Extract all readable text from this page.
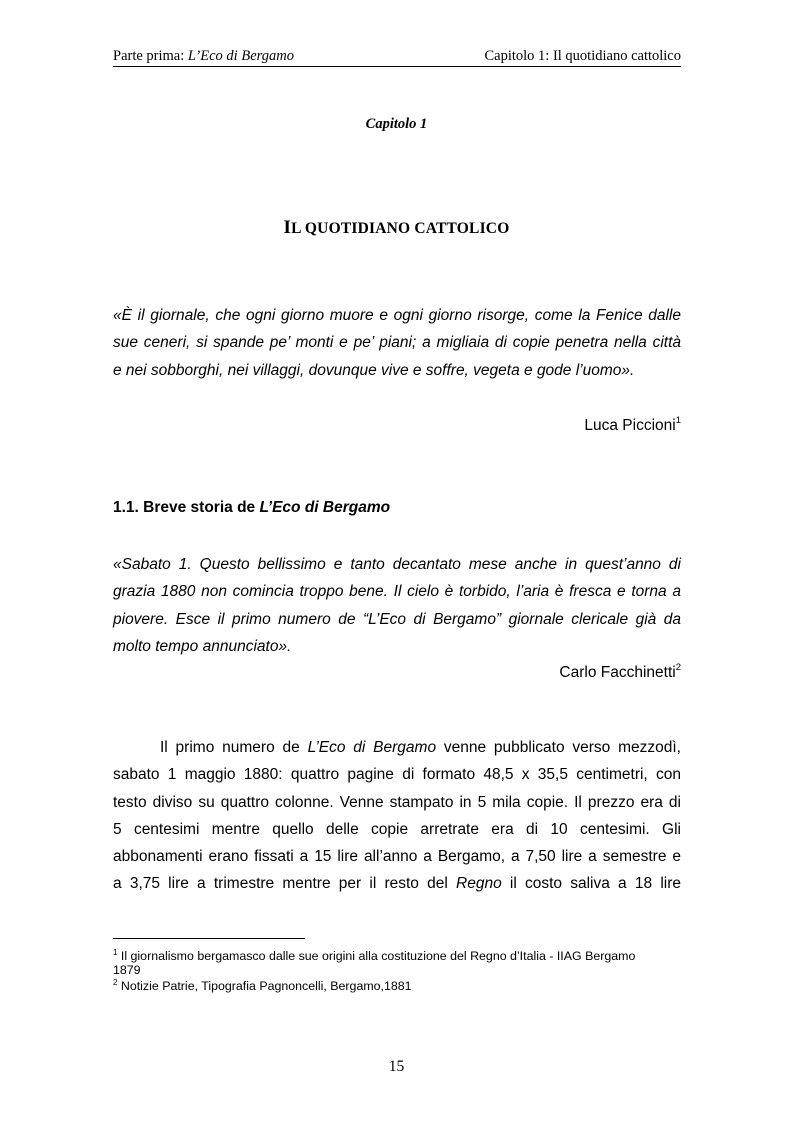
Parte prima: L’Eco di Bergamo	Capitolo 1: Il quotidiano cattolico
Capitolo 1
IL QUOTIDIANO CATTOLICO
«È il giornale, che ogni giorno muore e ogni giorno risorge, come la Fenice dalle
sue ceneri, si spande pe’ monti e pe’ piani; a migliaia di copie penetra nella città
e nei sobborghi, nei villaggi, dovunque vive e soffre, vegeta e gode l’uomo».
Luca Piccioni$^1$
1.1. Breve storia de L’Eco di Bergamo
«Sabato 1. Questo bellissimo e tanto decantato mese anche in quest’anno di
grazia 1880 non comincia troppo bene. Il cielo è torbido, l’aria è fresca e torna a
piovere. Esce il primo numero de “L’Eco di Bergamo” giornale clericale già da
molto tempo annunciato».
Carlo Facchinetti$^2$
Il primo numero de L’Eco di Bergamo venne pubblicato verso mezzodì,
sabato 1 maggio 1880: quattro pagine di formato 48,5 x 35,5 centimetri, con
testo diviso su quattro colonne. Venne stampato in 5 mila copie. Il prezzo era di
5 centesimi mentre quello delle copie arretrate era di 10 centesimi. Gli
abbonamenti erano fissati a 15 lire all’anno a Bergamo, a 7,50 lire a semestre e
a 3,75 lire a trimestre mentre per il resto del Regno il costo saliva a 18 lire
$^1$ Il giornalismo bergamasco dalle sue origini alla costituzione del Regno d’Italia - IIAG Bergamo
1879
$^2$ Notizie Patrie, Tipografia Pagnoncelli, Bergamo,1881
15
